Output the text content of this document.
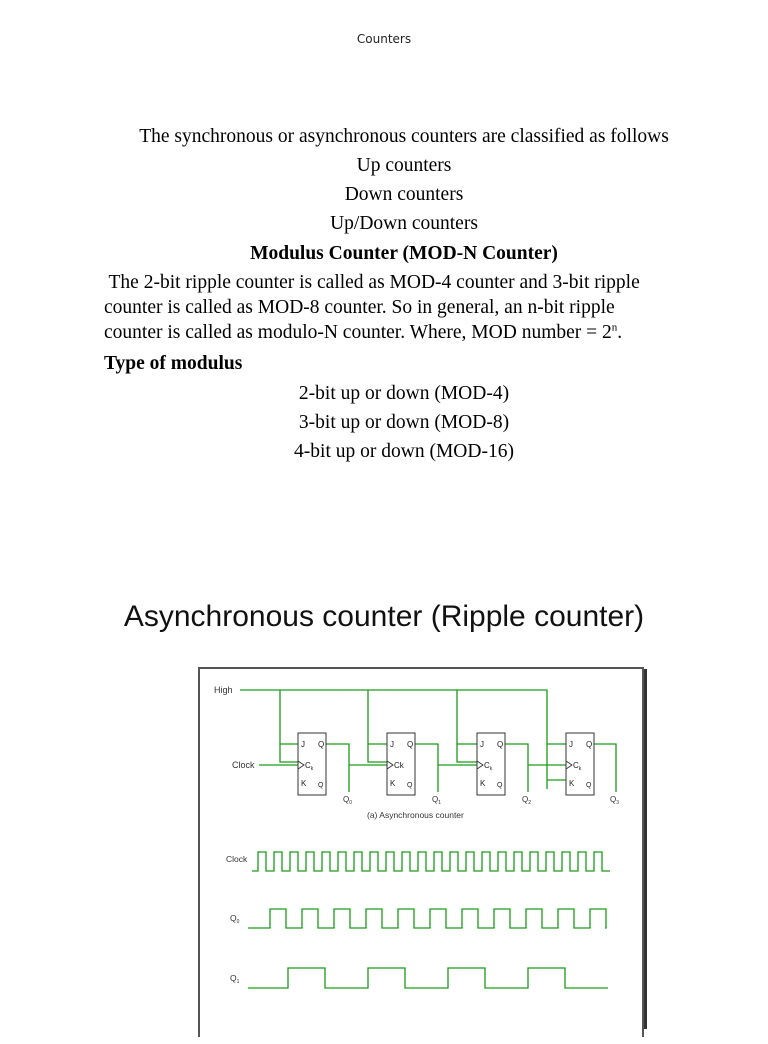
Counters
The synchronous or asynchronous counters are classified as follows
Up counters
Down counters
Up/Down counters
Modulus Counter (MOD-N Counter)
The 2-bit ripple counter is called as MOD-4 counter and 3-bit ripple
counter is called as MOD-8 counter. So in general, an n-bit ripple
counter is called as modulo-N counter. Where, MOD number = $2^n$.
Type of modulus
2-bit up or down (MOD-4)
3-bit up or down (MOD-8)
4-bit up or down (MOD-16)
Asynchronous counter (Ripple counter)
J Q
$C_k$
K Q
J Q
Ck
K Q
J Q
$C_k$
K Q
J Q
$C_k$
K Q
High
Clock
$Q_0$	$Q_1$	$Q_2$	$Q_3$
(a) Asynchronous counter
Clock
$Q_0$
$Q_1$
